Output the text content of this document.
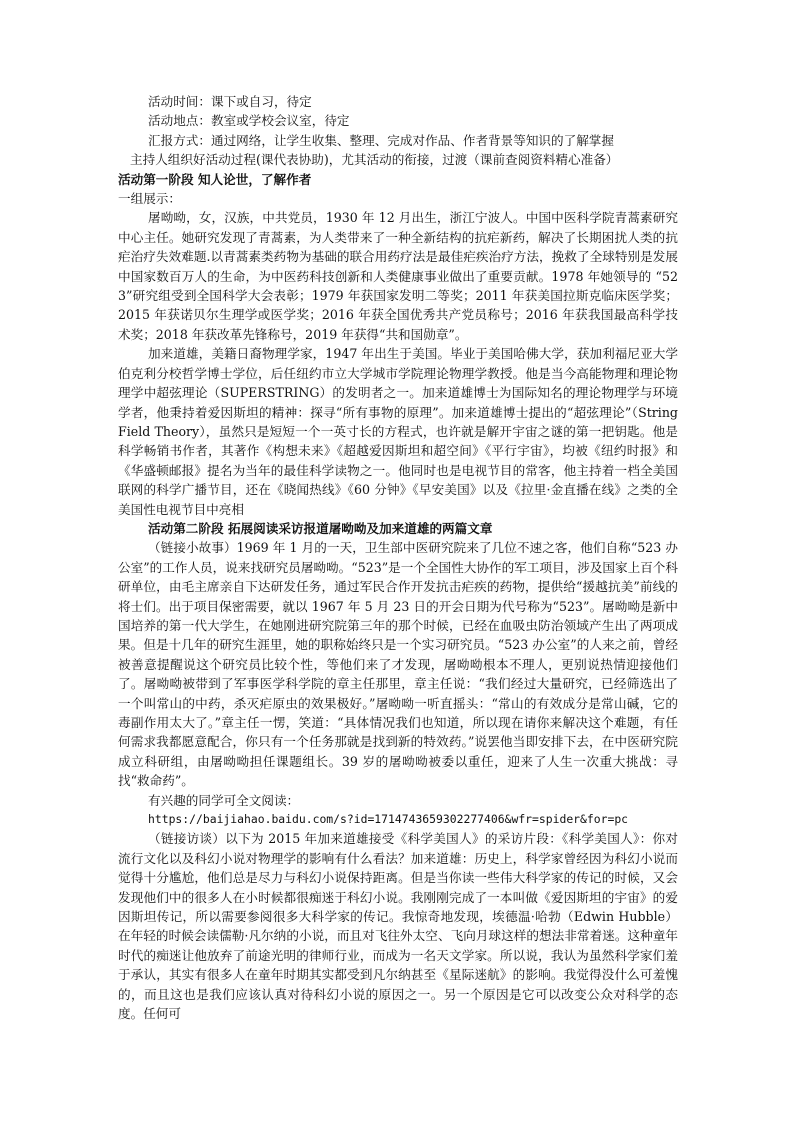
活动时间：课下或自习，待定

活动地点：教室或学校会议室，待定

汇报方式：通过网络，让学生收集、整理、完成对作品、作者背景等知识的了解掌握

主持人组织好活动过程(课代表协助)，尤其活动的衔接，过渡（课前查阅资料精心准备）

活动第一阶段 知人论世，了解作者

一组展示：

屠呦呦，女，汉族，中共党员，1930 年 12 月出生，浙江宁波人。中国中医科学院青蒿素研究中心主任。她研究发现了青蒿素，为人类带来了一种全新结构的抗疟新药，解决了长期困扰人类的抗疟治疗失效难题.以青蒿素类药物为基础的联合用药疗法是最佳疟疾治疗方法，挽救了全球特别是发展中国家数百万人的生命，为中医药科技创新和人类健康事业做出了重要贡献。1978 年她领导的 “523”研究组受到全国科学大会表彰；1979 年获国家发明二等奖；2011 年获美国拉斯克临床医学奖；2015 年获诺贝尔生理学或医学奖；2016 年获全国优秀共产党员称号；2016 年获我国最高科学技术奖；2018 年获改革先锋称号，2019 年获得“共和国勋章”。

加来道雄，美籍日裔物理学家，1947 年出生于美国。毕业于美国哈佛大学，获加利福尼亚大学伯克利分校哲学博士学位，后任纽约市立大学城市学院理论物理学教授。他是当今高能物理和理论物理学中超弦理论（SUPERSTRING）的发明者之一。加来道雄博士为国际知名的理论物理学与环境学者，他秉持着爱因斯坦的精神：探寻“所有事物的原理”。加来道雄博士提出的“超弦理论”（String Field Theory），虽然只是短短一个一英寸长的方程式，也许就是解开宇宙之谜的第一把钥匙。他是科学畅销书作者，其著作《构想未来》《超越爱因斯坦和超空间》《平行宇宙》，均被《纽约时报》和《华盛顿邮报》提名为当年的最佳科学读物之一。他同时也是电视节目的常客，他主持着一档全美国联网的科学广播节目，还在《晓闻热线》《60 分钟》《早安美国》以及《拉里·金直播在线》之类的全美国性电视节目中亮相

活动第二阶段 拓展阅读采访报道屠呦呦及加来道雄的两篇文章

（链接小故事）1969 年 1 月的一天，卫生部中医研究院来了几位不速之客，他们自称“523 办公室”的工作人员，说来找研究员屠呦呦。“523”是一个全国性大协作的军工项目，涉及国家上百个科研单位，由毛主席亲自下达研发任务，通过军民合作开发抗击疟疾的药物，提供给“援越抗美”前线的将士们。出于项目保密需要，就以 1967 年 5 月 23 日的开会日期为代号称为“523”。屠呦呦是新中国培养的第一代大学生，在她刚进研究院第三年的那个时候，已经在血吸虫防治领域产生出了两项成果。但是十几年的研究生涯里，她的职称始终只是一个实习研究员。“523 办公室”的人来之前，曾经被善意提醒说这个研究员比较个性，等他们来了才发现，屠呦呦根本不理人，更别说热情迎接他们了。屠呦呦被带到了军事医学科学院的章主任那里，章主任说：“我们经过大量研究，已经筛选出了一个叫常山的中药，杀灭疟原虫的效果极好。”屠呦呦一听直摇头：“常山的有效成分是常山碱，它的毒副作用太大了。”章主任一愣，笑道：“具体情况我们也知道，所以现在请你来解决这个难题，有任何需求我都愿意配合，你只有一个任务那就是找到新的特效药。”说罢他当即安排下去，在中医研究院成立科研组，由屠呦呦担任课题组长。39 岁的屠呦呦被委以重任，迎来了人生一次重大挑战：寻找“救命药”。

有兴趣的同学可全文阅读：

https://baijiahao.baidu.com/s?id=1714743659302277406&wfr=spider&for=pc

（链接访谈）以下为 2015 年加来道雄接受《科学美国人》的采访片段：《科学美国人》：你对流行文化以及科幻小说对物理学的影响有什么看法？加来道雄：历史上，科学家曾经因为科幻小说而觉得十分尴尬，他们总是尽力与科幻小说保持距离。但是当你读一些伟大科学家的传记的时候，又会发现他们中的很多人在小时候都很痴迷于科幻小说。我刚刚完成了一本叫做《爱因斯坦的宇宙》的爱因斯坦传记，所以需要参阅很多大科学家的传记。我惊奇地发现，埃德温·哈勃（Edwin Hubble）在年轻的时候会读儒勒·凡尔纳的小说，而且对飞往外太空、飞向月球这样的想法非常着迷。这种童年时代的痴迷让他放弃了前途光明的律师行业，而成为一名天文学家。所以说，我认为虽然科学家们羞于承认，其实有很多人在童年时期其实都受到凡尔纳甚至《星际迷航》的影响。我觉得没什么可羞愧的，而且这也是我们应该认真对待科幻小说的原因之一。另一个原因是它可以改变公众对科学的态度。任何可
